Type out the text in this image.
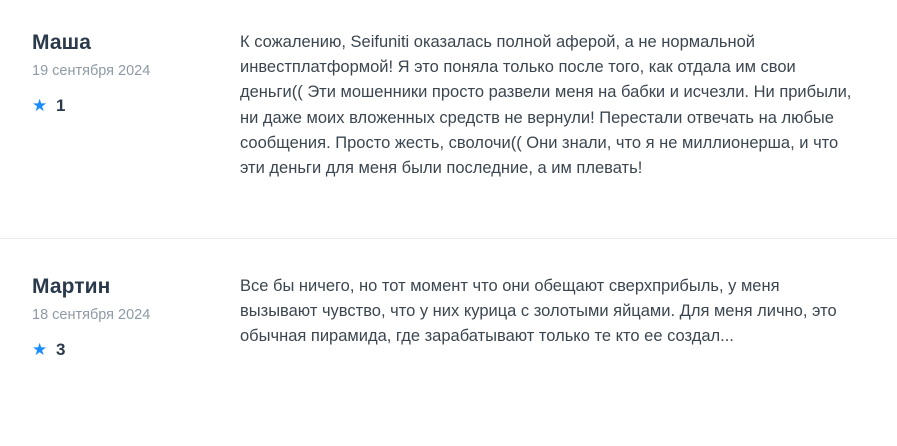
Маша
19 сентября 2024
★ 1
К сожалению, Seifuniti оказалась полной аферой, а не нормальной инвестплатформой! Я это поняла только после того, как отдала им свои деньги(( Эти мошенники просто развели меня на бабки и исчезли. Ни прибыли, ни даже моих вложенных средств не вернули! Перестали отвечать на любые сообщения. Просто жесть, сволочи(( Они знали, что я не миллионерша, и что эти деньги для меня были последние, а им плевать!
Мартин
18 сентября 2024
★ 3
Все бы ничего, но тот момент что они обещают сверхприбыль, у меня вызывают чувство, что у них курица с золотыми яйцами. Для меня лично, это обычная пирамида, где зарабатывают только те кто ее создал...
